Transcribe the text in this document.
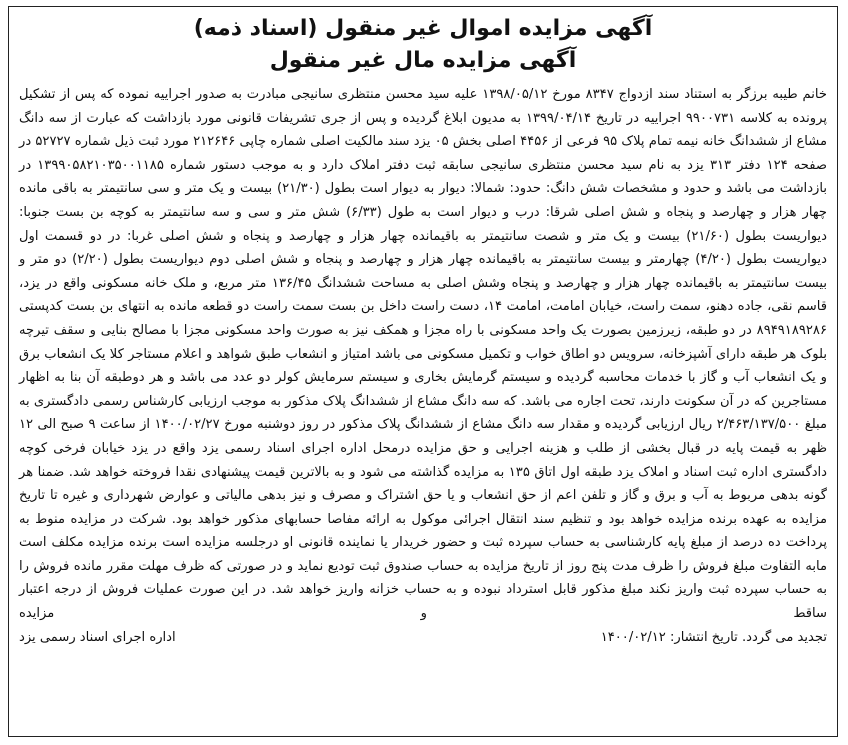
آگهی مزایده اموال غیر منقول (اسناد ذمه)
آگهی مزایده مال غیر منقول

خانم طیبه برزگر به استناد سند ازدواج ۸۳۴۷ مورخ ۱۳۹۸/۰۵/۱۲ علیه سید محسن منتظری سانیجی مبادرت به صدور اجراییه نموده که پس از تشکیل پرونده به کلاسه ۹۹۰۰۷۳۱ اجراییه در تاریخ ۱۳۹۹/۰۴/۱۴ به مدیون ابلاغ گردیده و پس از جری تشریفات قانونی مورد بازداشت که عبارت از سه دانگ مشاع از ششدانگ خانه نیمه تمام پلاک ۹۵ فرعی از ۴۴۵۶ اصلی بخش ۰۵ یزد سند مالکیت اصلی شماره چاپی ۲۱۲۶۴۶ مورد ثبت ذیل شماره ۵۲۷۲۷ در صفحه ۱۲۴ دفتر ۳۱۳ یزد به نام سید محسن منتظری سانیجی سابقه ثبت دفتر املاک دارد و به موجب دستور شماره ۱۳۹۹۰۵۸۲۱۰۳۵۰۰۱۱۸۵ در بازداشت می باشد و حدود و مشخصات شش دانگ: حدود: شمالا: دیوار به دیوار است بطول (۲۱/۳۰) بیست و یک متر و سی سانتیمتر به باقی مانده چهار هزار و چهارصد و پنجاه و شش اصلی شرقا: درب و دیوار است به طول (۶/۳۳) شش متر و سی و سه سانتیمتر به کوچه بن بست جنوبا: دیواریست بطول (۲۱/۶۰) بیست و یک متر و شصت سانتیمتر به باقیمانده چهار هزار و چهارصد و پنجاه و شش اصلی غربا: در دو قسمت اول دیواریست بطول (۴/۲۰) چهارمتر و بیست سانتیمتر به باقیمانده چهار هزار و چهارصد و پنجاه و شش اصلی دوم دیواریست بطول (۲/۲۰) دو متر و بیست سانتیمتر به باقیمانده چهار هزار و چهارصد و پنجاه وشش اصلی به مساحت ششدانگ ۱۳۶/۴۵ متر مربع، و ملک خانه مسکونی واقع در یزد، قاسم نقی، جاده دهنو، سمت راست، خیابان امامت، امامت ۱۴، دست راست داخل بن بست سمت راست دو قطعه مانده به انتهای بن بست کدپستی ۸۹۴۹۱۸۹۲۸۶ در دو طبقه، زیرزمین بصورت یک واحد مسکونی با راه مجزا و همکف نیز به صورت واحد مسکونی مجزا با مصالح بنایی و سقف تیرچه بلوک هر طبقه دارای آشپزخانه، سرویس دو اطاق خواب و تکمیل مسکونی می باشد امتیاز و انشعاب طبق شواهد و اعلام مستاجر کلا یک انشعاب برق و یک انشعاب آب و گاز با خدمات محاسبه گردیده و سیستم گرمایش بخاری و سیستم سرمایش کولر دو عدد می باشد و هر دوطبقه آن بنا به اظهار مستاجرین که در آن سکونت دارند، تحت اجاره می باشد. که سه دانگ مشاع از ششدانگ پلاک مذکور به موجب ارزیابی کارشناس رسمی دادگستری به مبلغ ۲/۴۶۳/۱۳۷/۵۰۰ ریال ارزیابی گردیده و مقدار سه دانگ مشاع از ششدانگ پلاک مذکور در روز دوشنبه مورخ ۱۴۰۰/۰۲/۲۷ از ساعت ۹ صبح الی ۱۲ ظهر به قیمت پایه در قبال بخشی از طلب و هزینه اجرایی و حق مزایده درمحل اداره اجرای اسناد رسمی یزد واقع در یزد خیابان فرخی کوچه دادگستری اداره ثبت اسناد و املاک یزد طبقه اول اتاق ۱۳۵ به مزایده گذاشته می شود و به بالاترین قیمت پیشنهادی نقدا فروخته خواهد شد. ضمنا هر گونه بدهی مربوط به آب و برق و گاز و تلفن اعم از حق انشعاب و یا حق اشتراک و مصرف و نیز بدهی مالیاتی و عوارض شهرداری و غیره تا تاریخ مزایده به عهده برنده مزایده خواهد بود و تنظیم سند انتقال اجرائی موکول به ارائه مفاصا حسابهای مذکور خواهد بود. شرکت در مزایده منوط به پرداخت ده درصد از مبلغ پایه کارشناسی به حساب سپرده ثبت و حضور خریدار یا نماینده قانونی او درجلسه مزایده است برنده مزایده مکلف است مابه التفاوت مبلغ فروش را ظرف مدت پنج روز از تاریخ مزایده به حساب صندوق ثبت تودیع نماید و در صورتی که ظرف مهلت مقرر مانده فروش را به حساب سپرده ثبت واریز نکند مبلغ مذکور قابل استرداد نبوده و به حساب خزانه واریز خواهد شد. در این صورت عملیات فروش از درجه اعتبار ساقط و مزایده

تجدید می گردد. تاریخ انتشار: ۱۴۰۰/۰۲/۱۲
اداره اجرای اسناد رسمی یزد
